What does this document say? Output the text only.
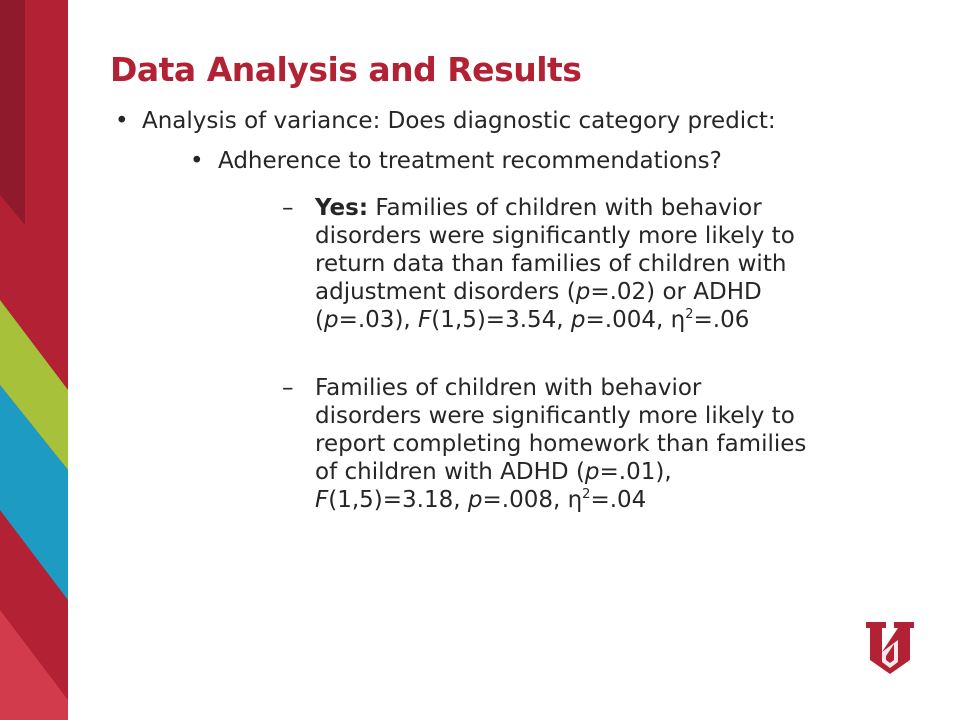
Data Analysis and Results
• Analysis of variance: Does diagnostic category predict:
• Adherence to treatment recommendations?
– Yes: Families of children with behavior
disorders were significantly more likely to
return data than families of children with
adjustment disorders (p=.02) or ADHD
(p=.03), F(1,5)=3.54, p=.004, $\eta^2=.06$
– Families of children with behavior
disorders were significantly more likely to
report completing homework than families
of children with ADHD (p=.01),
F(1,5)=3.18, p=.008, $\eta^2=.04$
